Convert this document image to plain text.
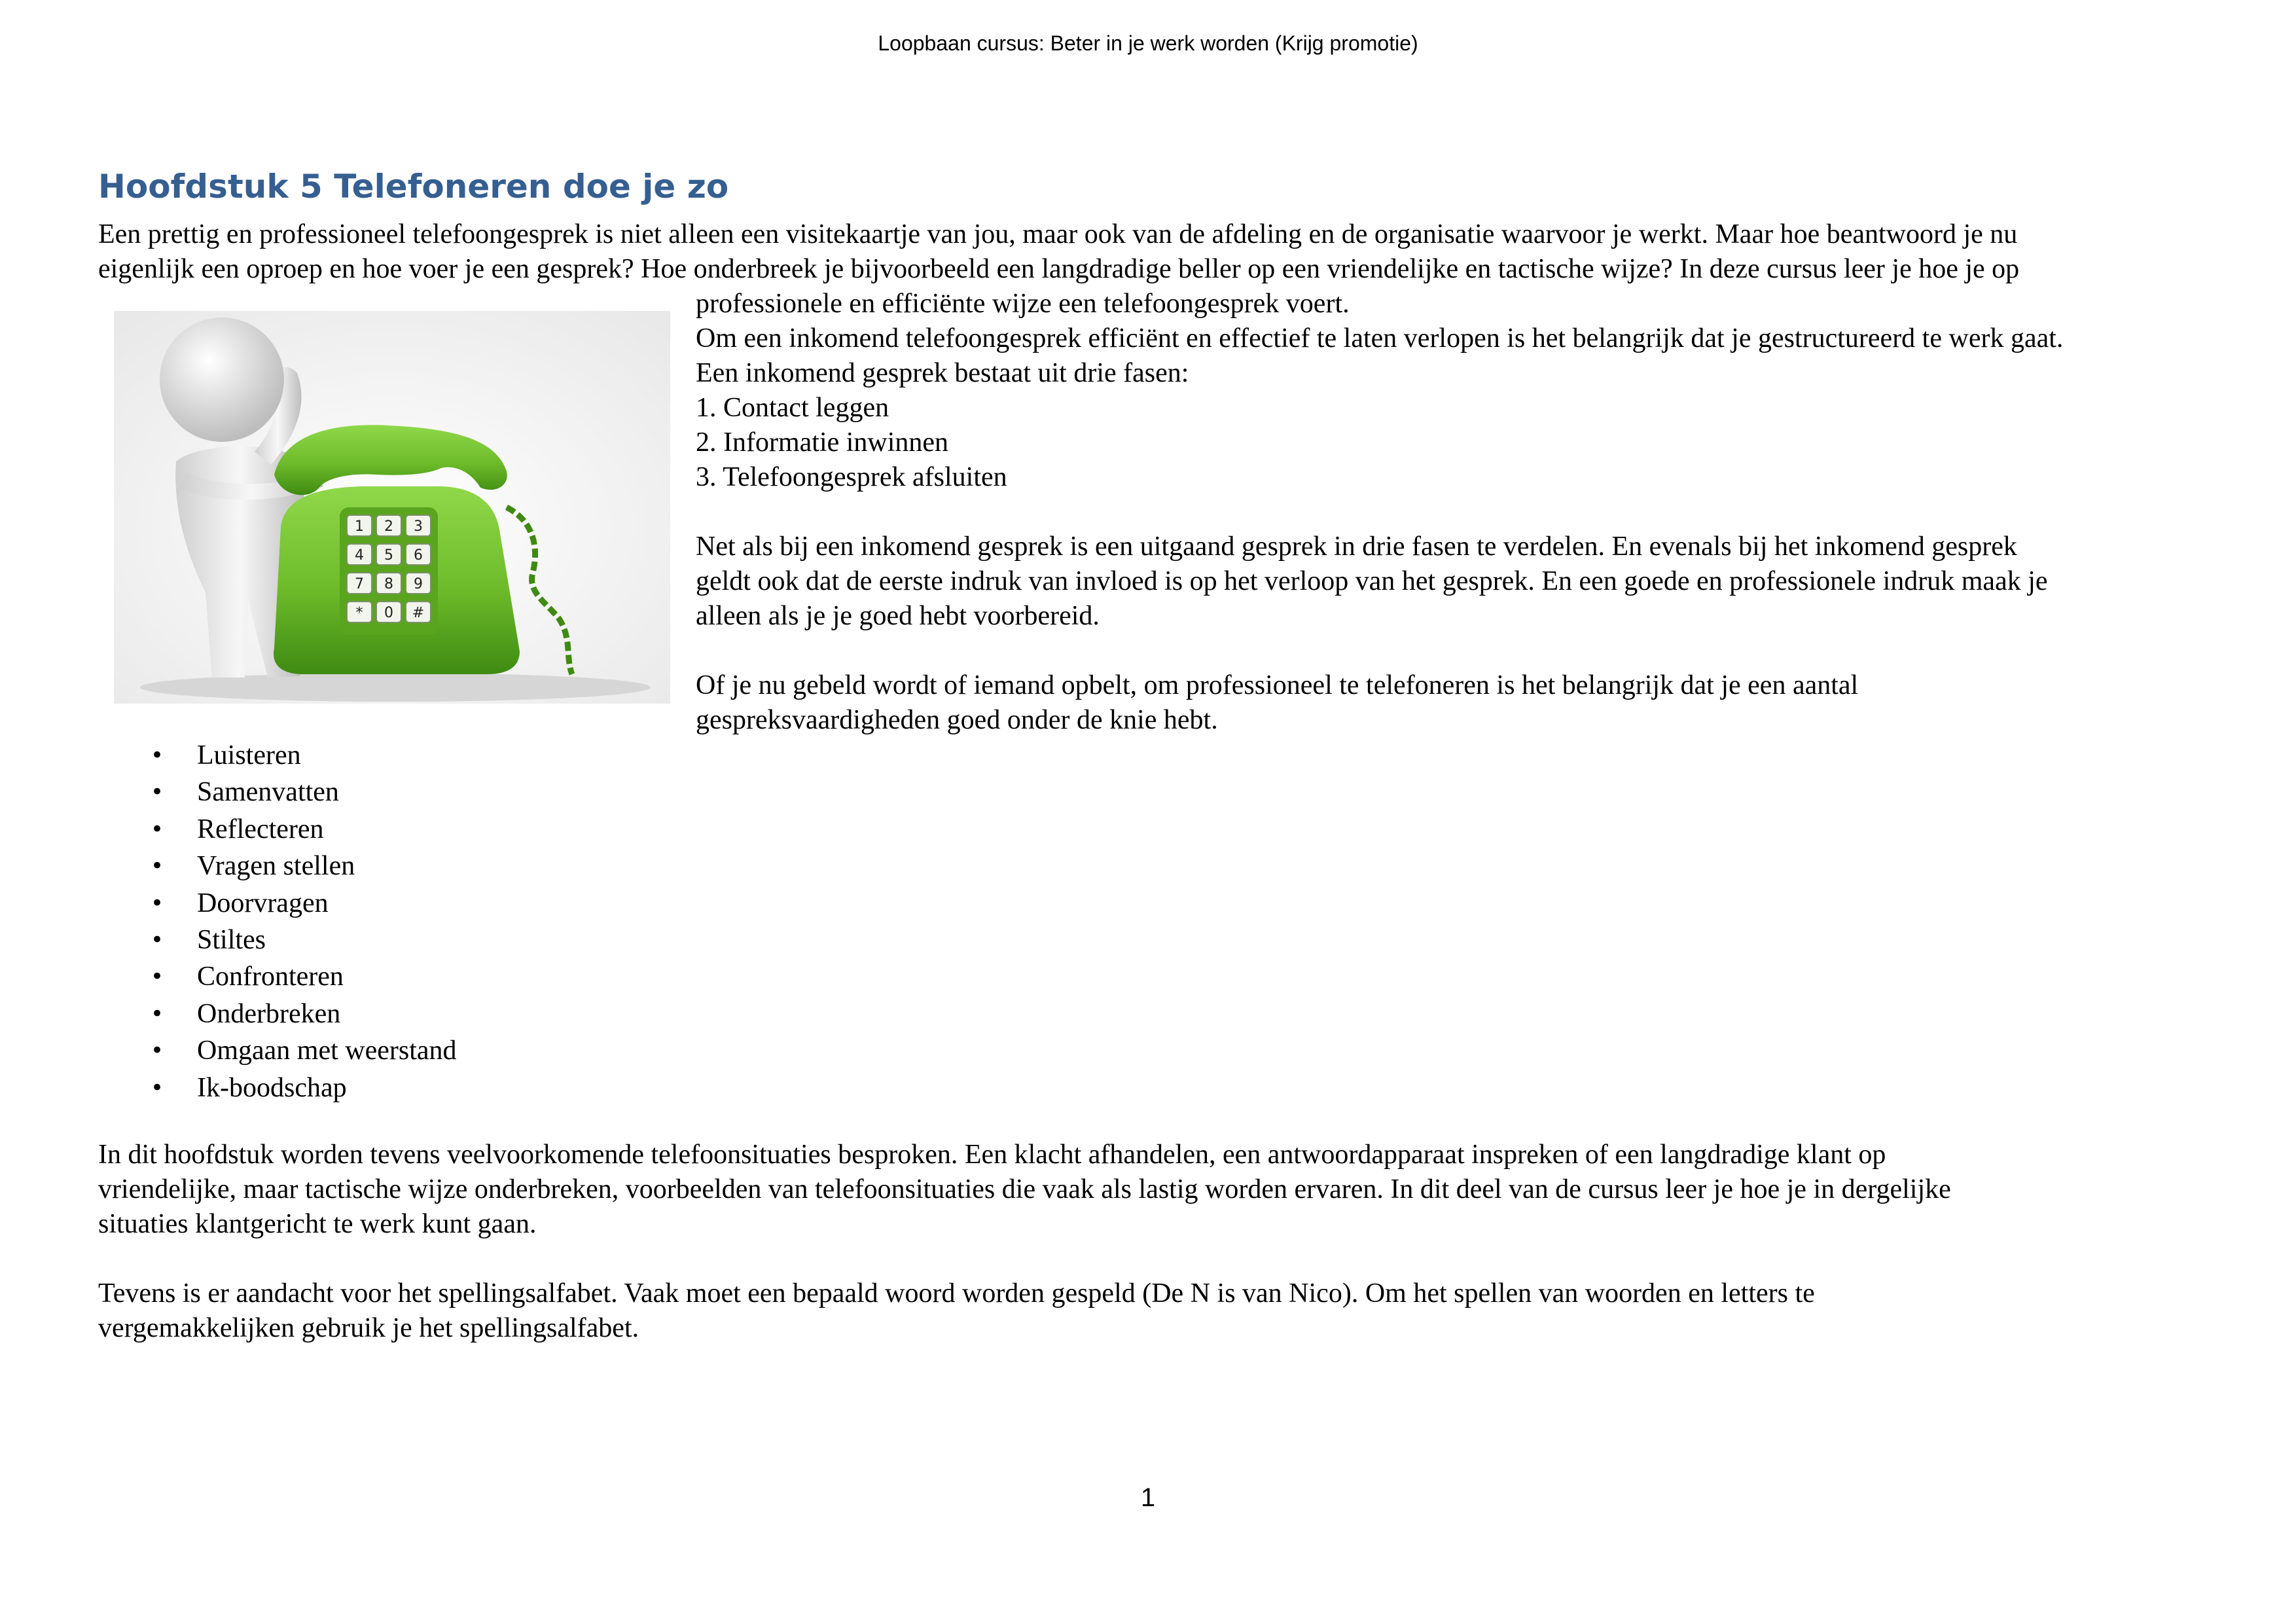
Loopbaan cursus: Beter in je werk worden (Krijg promotie)
Hoofdstuk 5 Telefoneren doe je zo
Een prettig en professioneel telefoongesprek is niet alleen een visitekaartje van jou, maar ook van de afdeling en de organisatie waarvoor je werkt. Maar hoe beantwoord je nu
eigenlijk een oproep en hoe voer je een gesprek? Hoe onderbreek je bijvoorbeeld een langdradige beller op een vriendelijke en tactische wijze? In deze cursus leer je hoe je op
1 2 3
4 5 6
7 8 9
* 0 #
professionele en efficiënte wijze een telefoongesprek voert.
Om een inkomend telefoongesprek efficiënt en effectief te laten verlopen is het belangrijk dat je gestructureerd te werk gaat.
Een inkomend gesprek bestaat uit drie fasen:
1. Contact leggen
2. Informatie inwinnen
3. Telefoongesprek afsluiten
Net als bij een inkomend gesprek is een uitgaand gesprek in drie fasen te verdelen. En evenals bij het inkomend gesprek
geldt ook dat de eerste indruk van invloed is op het verloop van het gesprek. En een goede en professionele indruk maak je
alleen als je je goed hebt voorbereid.
Of je nu gebeld wordt of iemand opbelt, om professioneel te telefoneren is het belangrijk dat je een aantal
gespreksvaardigheden goed onder de knie hebt.
• Luisteren
• Samenvatten
• Reflecteren
• Vragen stellen
• Doorvragen
• Stiltes
• Confronteren
• Onderbreken
• Omgaan met weerstand
• Ik-boodschap
In dit hoofdstuk worden tevens veelvoorkomende telefoonsituaties besproken. Een klacht afhandelen, een antwoordapparaat inspreken of een langdradige klant op
vriendelijke, maar tactische wijze onderbreken, voorbeelden van telefoonsituaties die vaak als lastig worden ervaren. In dit deel van de cursus leer je hoe je in dergelijke
situaties klantgericht te werk kunt gaan.
Tevens is er aandacht voor het spellingsalfabet. Vaak moet een bepaald woord worden gespeld (De N is van Nico). Om het spellen van woorden en letters te
vergemakkelijken gebruik je het spellingsalfabet.
1
